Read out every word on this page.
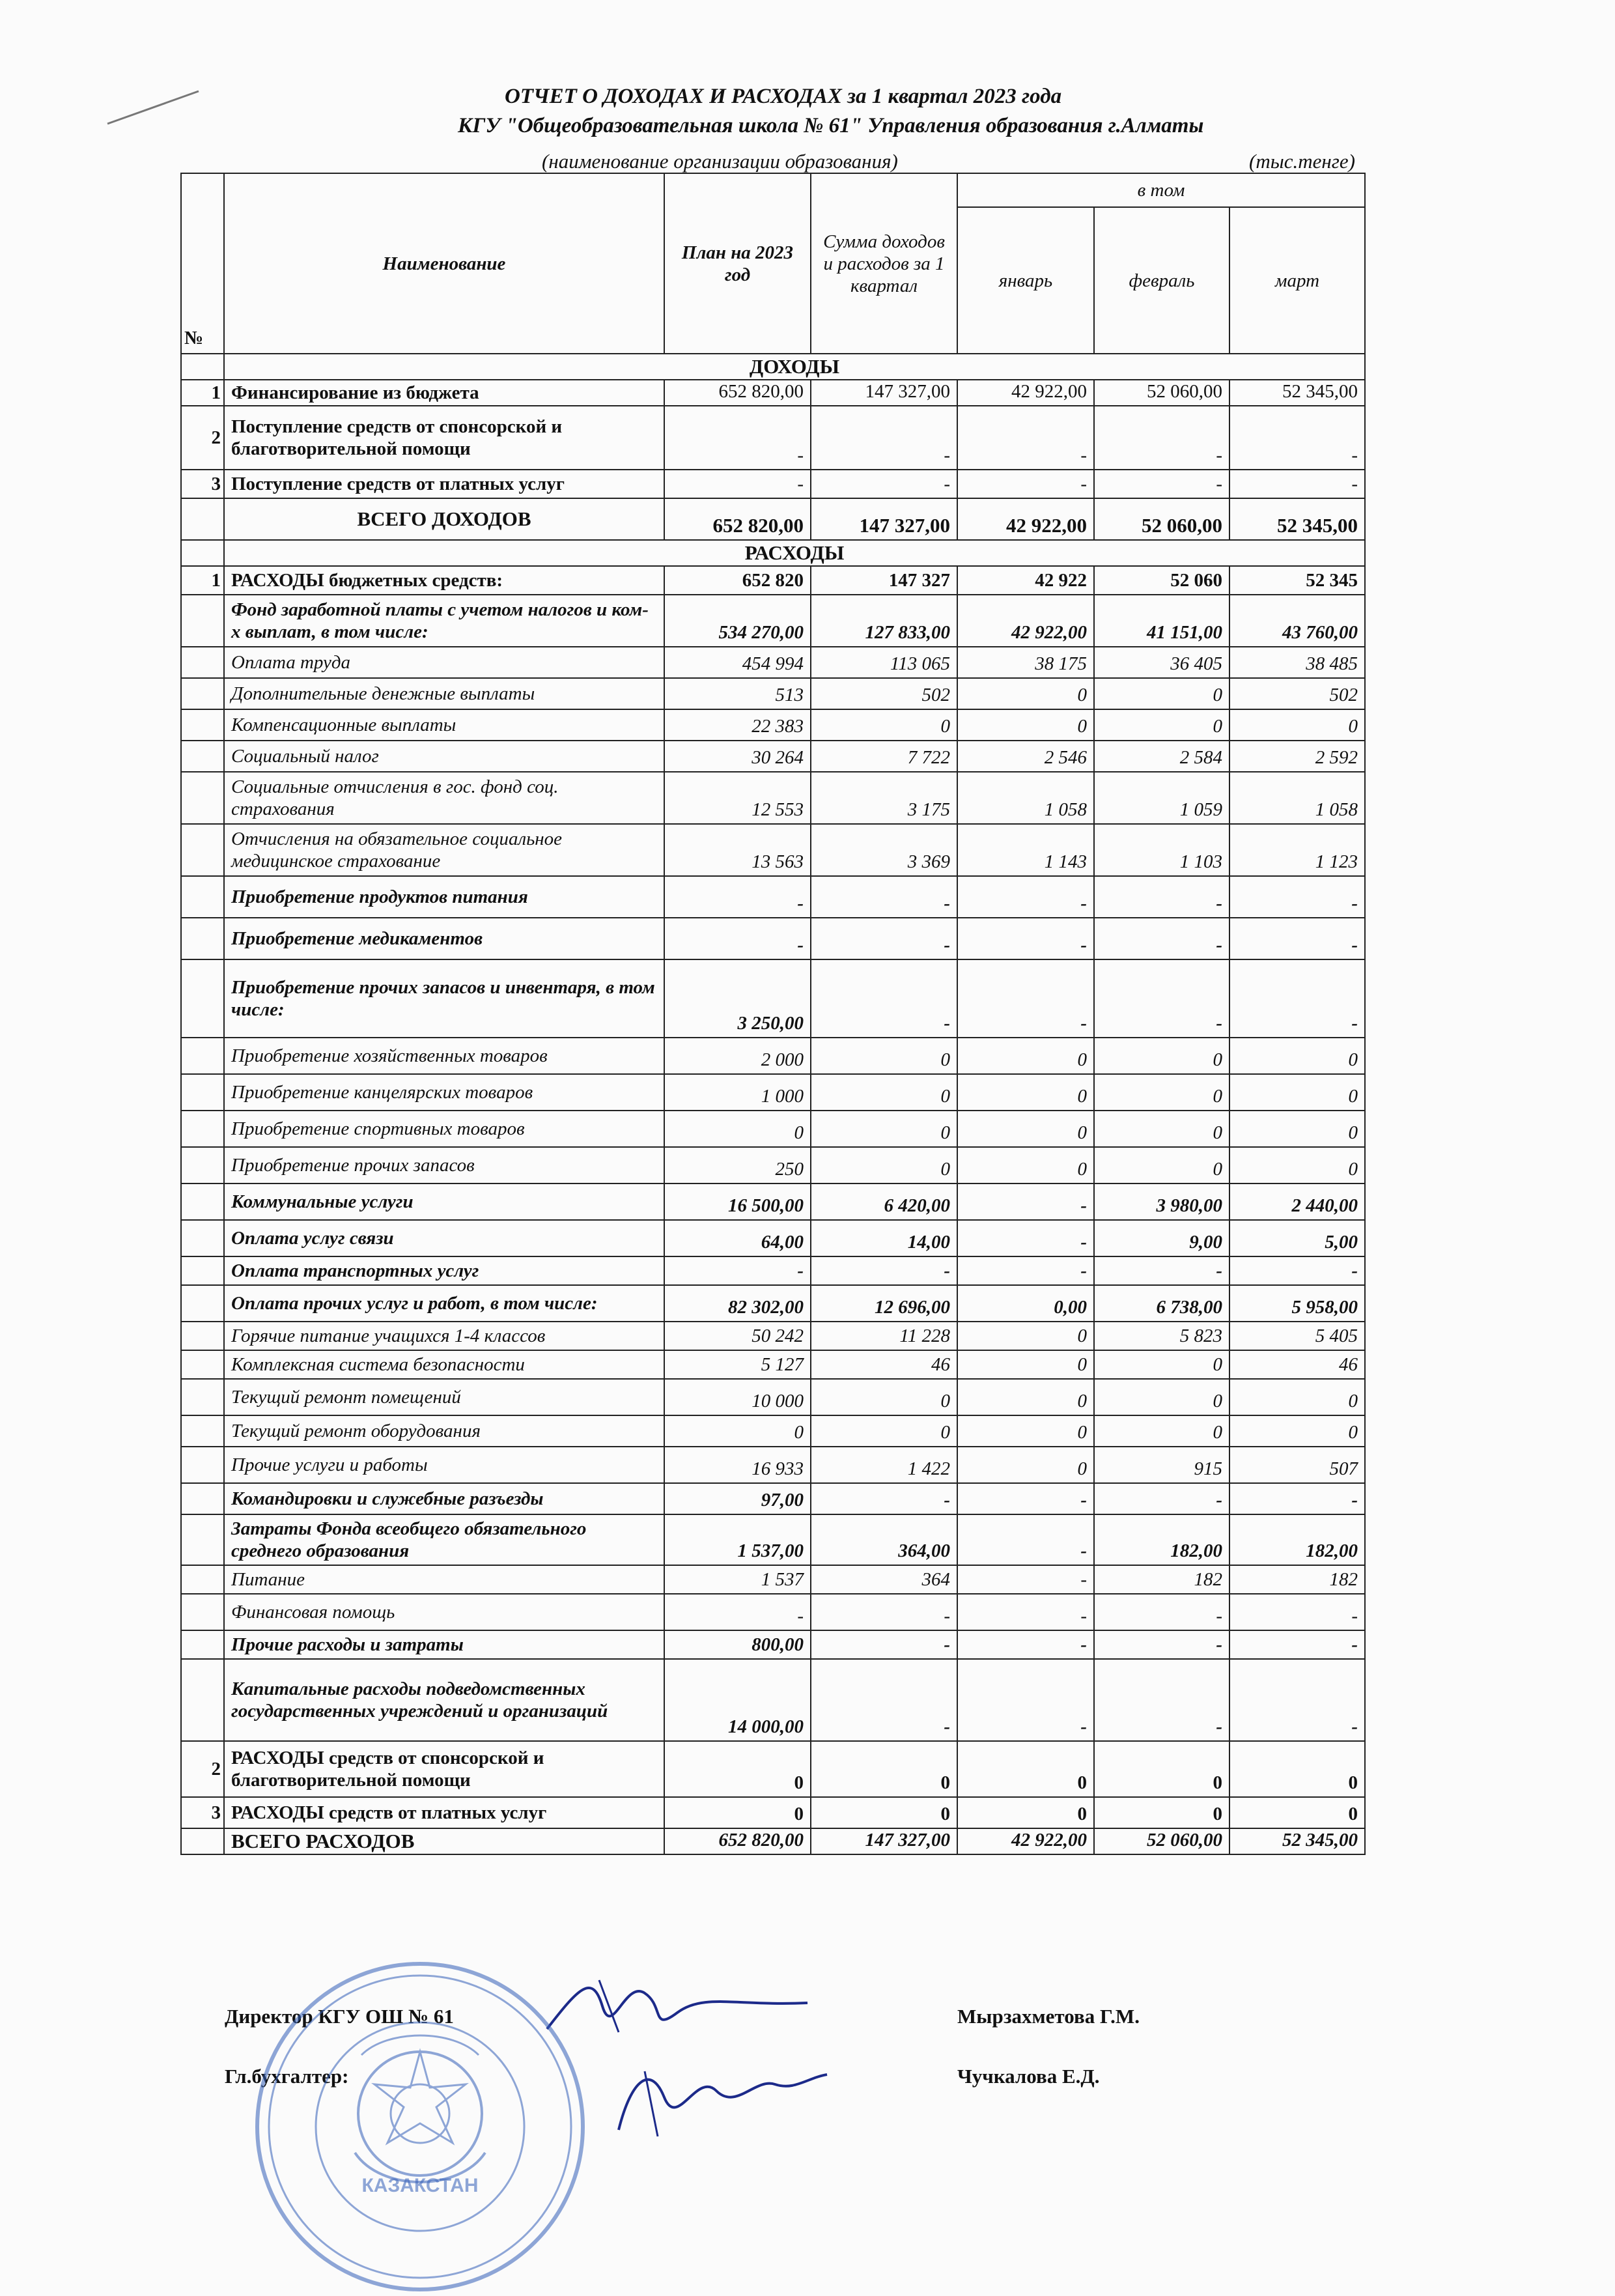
ОТЧЕТ О ДОХОДАХ И РАСХОДАХ за 1 квартал 2023 года
КГУ "Общеобразовательная школа № 61" Управления образования г.Алматы
(наименование организации образования)	(тыс.тенге)
№	Наименование	План на 2023 год	Сумма доходов и расходов за 1 квартал	в том		
				январь	февраль	март
	ДОХОДЫ					
1	Финансирование из бюджета	652 820,00	147 327,00	42 922,00	52 060,00	52 345,00
2	Поступление средств от спонсорской и благотворительной помощи	-	-	-	-	-
3	Поступление средств от платных услуг	-	-	-	-	-
	ВСЕГО ДОХОДОВ	652 820,00	147 327,00	42 922,00	52 060,00	52 345,00
	РАСХОДЫ					
1	РАСХОДЫ бюджетных средств:	652 820	147 327	42 922	52 060	52 345
	Фонд заработной платы с учетом налогов и ком-х выплат, в том числе:	534 270,00	127 833,00	42 922,00	41 151,00	43 760,00
	Оплата труда	454 994	113 065	38 175	36 405	38 485
	Дополнительные денежные выплаты	513	502	0	0	502
	Компенсационные выплаты	22 383	0	0	0	0
	Социальный налог	30 264	7 722	2 546	2 584	2 592
	Социальные отчисления в гос. фонд соц. страхования	12 553	3 175	1 058	1 059	1 058
	Отчисления на обязательное социальное медицинское страхование	13 563	3 369	1 143	1 103	1 123
	Приобретение продуктов питания	-	-	-	-	-
	Приобретение медикаментов	-	-	-	-	-
	Приобретение прочих запасов и инвентаря, в том числе:	3 250,00	-	-	-	-
	Приобретение хозяйственных товаров	2 000	0	0	0	0
	Приобретение канцелярских товаров	1 000	0	0	0	0
	Приобретение спортивных товаров	0	0	0	0	0
	Приобретение прочих запасов	250	0	0	0	0
	Коммунальные услуги	16 500,00	6 420,00	-	3 980,00	2 440,00
	Оплата услуг связи	64,00	14,00	-	9,00	5,00
	Оплата транспортных услуг	-	-	-	-	-
	Оплата прочих услуг и работ, в том числе:	82 302,00	12 696,00	0,00	6 738,00	5 958,00
	Горячие питание учащихся 1-4 классов	50 242	11 228	0	5 823	5 405
	Комплексная система безопасности	5 127	46	0	0	46
	Текущий ремонт помещений	10 000	0	0	0	0
	Текущий ремонт оборудования	0	0	0	0	0
	Прочие услуги и работы	16 933	1 422	0	915	507
	Командировки и служебные разъезды	97,00	-	-	-	-
	Затраты Фонда всеобщего обязательного среднего образования	1 537,00	364,00	-	182,00	182,00
	Питание	1 537	364	-	182	182
	Финансовая помощь	-	-	-	-	-
	Прочие расходы и затраты	800,00	-	-	-	-
	Капитальные расходы подведомственных государственных учреждений и организаций	14 000,00	-	-	-	-
2	РАСХОДЫ средств от спонсорской и благотворительной помощи	0	0	0	0	0
3	РАСХОДЫ средств от платных услуг	0	0	0	0	0
	ВСЕГО РАСХОДОВ	652 820,00	147 327,00	42 922,00	52 060,00	52 345,00
Директор КГУ ОШ № 61	Мырзахметова Г.М.
Гл.бухгалтер:	Чучкалова Е.Д.
КАЗАКСТАН
